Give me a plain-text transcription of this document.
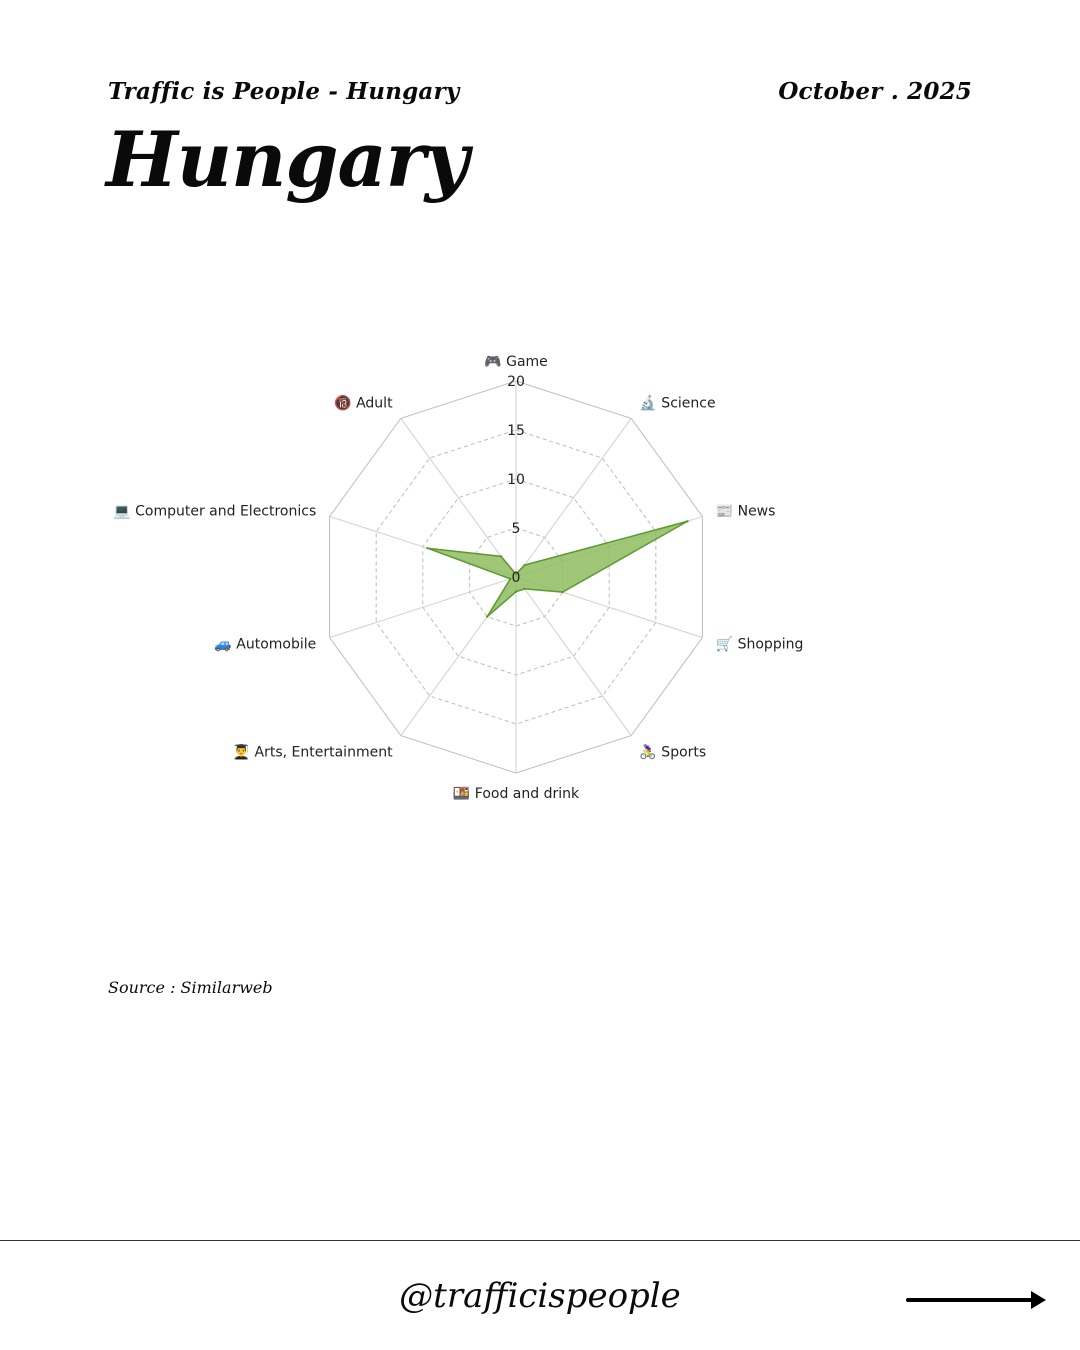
Traffic is People - Hungary	October . 2025
Hungary
0
5
10
15
20
🎮 Game
🔬 Science
📰 News
🛒 Shopping
🚴‍♀️ Sports
🍱 Food and drink
👨‍🎓 Arts, Entertainment
🚙 Automobile
💻 Computer and Electronics
🔞 Adult
Source : Similarweb
@trafficispeople
